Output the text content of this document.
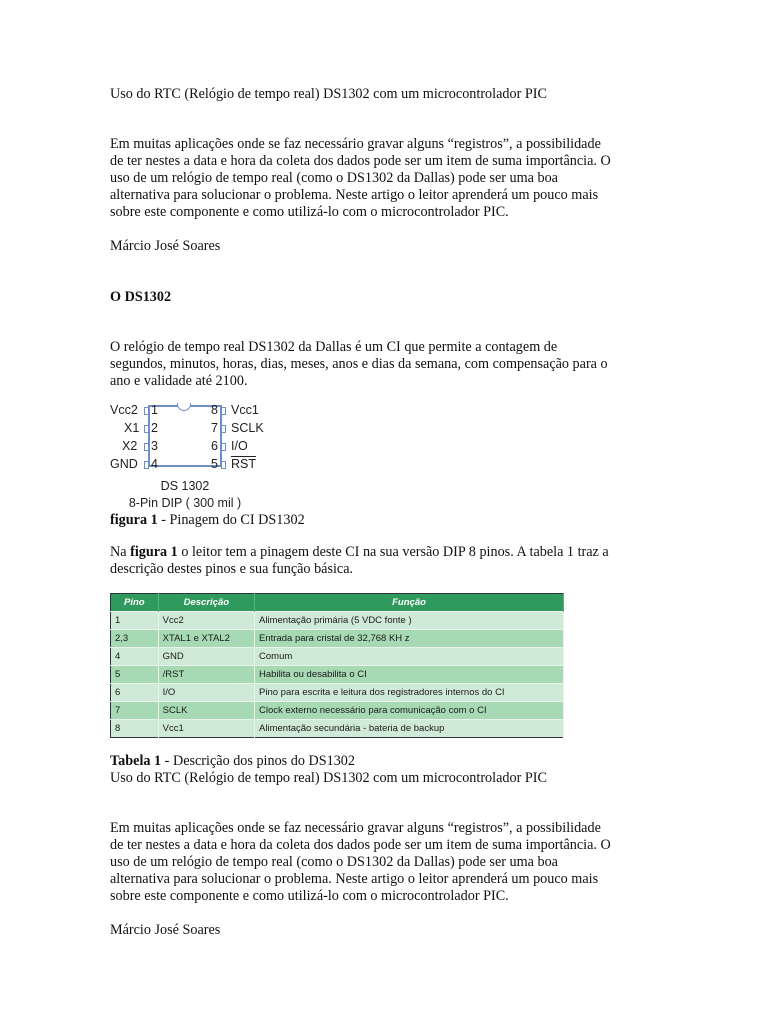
Uso do RTC (Relógio de tempo real) DS1302 com um microcontrolador PIC

Em muitas aplicações onde se faz necessário gravar alguns “registros”, a possibilidade

de ter nestes a data e hora da coleta dos dados pode ser um item de suma importância. O

uso de um relógio de tempo real (como o DS1302 da Dallas) pode ser uma boa

alternativa para solucionar o problema. Neste artigo o leitor aprenderá um pouco mais

sobre este componente e como utilizá-lo com o microcontrolador PIC.

Márcio José Soares

O DS1302

O relógio de tempo real DS1302 da Dallas é um CI que permite a contagem de

segundos, minutos, horas, dias, meses, anos e dias da semana, com compensação para o

ano e validade até 2100.

Vcc2
X1
X2
GND
1
2
3
4
8
7
6
5
Vcc1
SCLK
I/O
$\overline{RST}$
DS 1302
8-Pin DIP ( 300 mil )

figura 1 - Pinagem do CI DS1302

Na figura 1 o leitor tem a pinagem deste CI na sua versão DIP 8 pinos. A tabela 1 traz a

descrição destes pinos e sua função básica.

Pino	Descrição	Função
1	Vcc2	Alimentação primária (5 VDC fonte )
2,3	XTAL1 e XTAL2	Entrada para cristal de 32,768 KH z
4	GND	Comum
5	/RST	Habilita ou desabilita o CI
6	I/O	Pino para escrita e leitura dos registradores internos do CI
7	SCLK	Clock externo necessário para comunicação com o CI
8	Vcc1	Alimentação secundária - bateria de backup

Tabela 1 - Descrição dos pinos do DS1302

Uso do RTC (Relógio de tempo real) DS1302 com um microcontrolador PIC

Em muitas aplicações onde se faz necessário gravar alguns “registros”, a possibilidade

de ter nestes a data e hora da coleta dos dados pode ser um item de suma importância. O

uso de um relógio de tempo real (como o DS1302 da Dallas) pode ser uma boa

alternativa para solucionar o problema. Neste artigo o leitor aprenderá um pouco mais

sobre este componente e como utilizá-lo com o microcontrolador PIC.

Márcio José Soares
